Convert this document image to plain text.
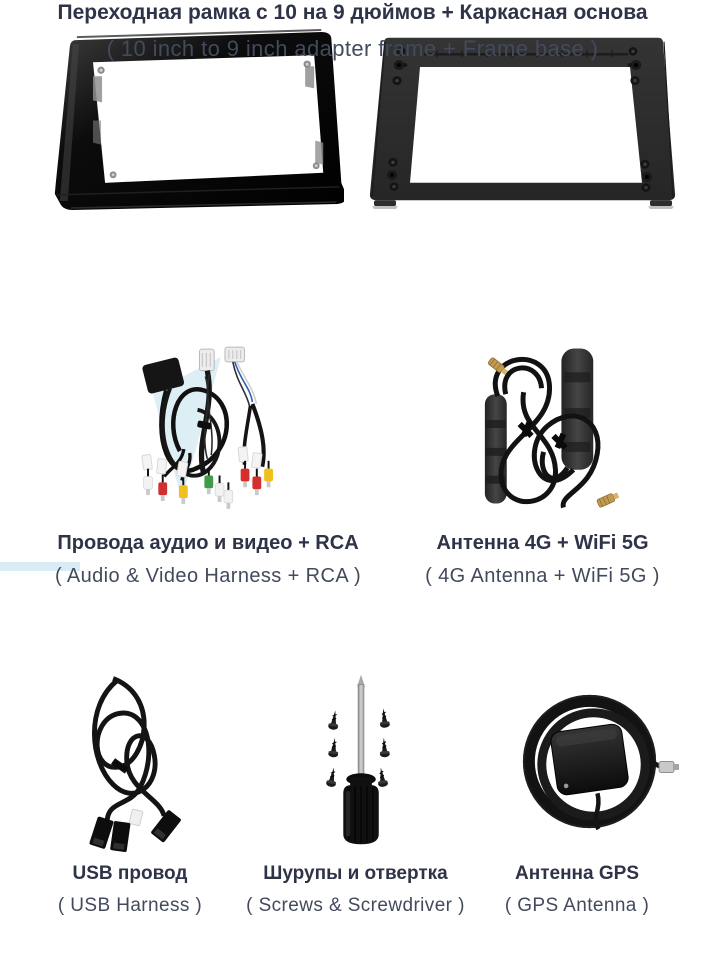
Переходная рамка с 10 на 9 дюймов + Каркасная основа
( 10 inch to 9 inch adapter frame + Frame base )
Провода аудио и видео + RCA
( Audio & Video Harness + RCA )
Антенна 4G + WiFi 5G
( 4G Antenna + WiFi 5G )
USB провод
( USB Harness )
Шурупы и отвертка
( Screws & Screwdriver )
Антенна GPS
( GPS Antenna )
